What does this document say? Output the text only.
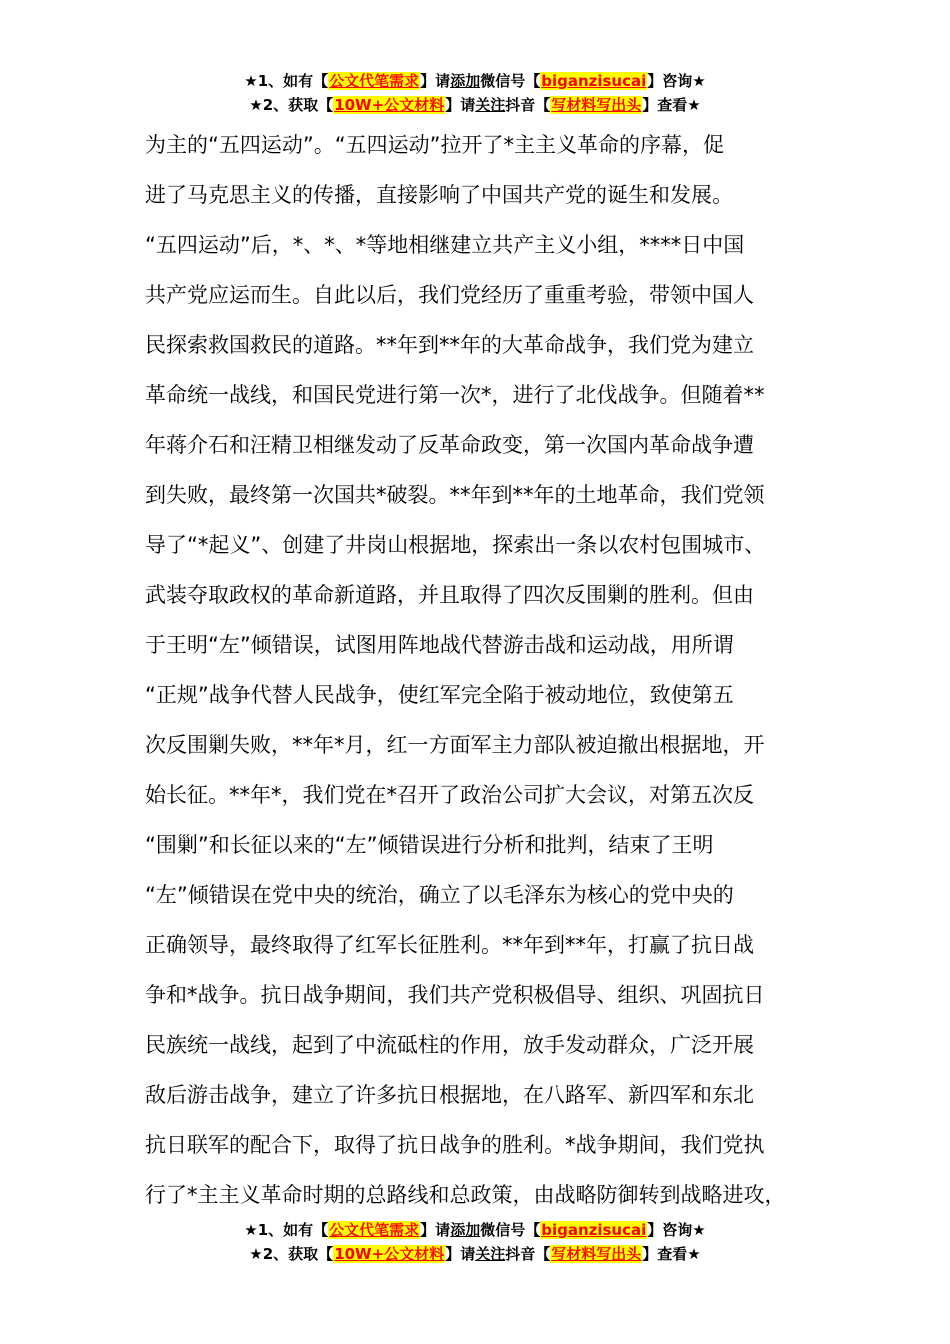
★1、如有【公文代笔需求】请添加微信号【biganzisucai】咨询★
★2、获取【10W+公文材料】请关注抖音【写材料写出头】查看★
为主的“五四运动”。“五四运动”拉开了*主主义革命的序幕，促
进了马克思主义的传播，直接影响了中国共产党的诞生和发展。
“五四运动”后，*、*、*等地相继建立共产主义小组，****日中国
共产党应运而生。自此以后，我们党经历了重重考验，带领中国人
民探索救国救民的道路。**年到**年的大革命战争，我们党为建立
革命统一战线，和国民党进行第一次*，进行了北伐战争。但随着**
年蒋介石和汪精卫相继发动了反革命政变，第一次国内革命战争遭
到失败，最终第一次国共*破裂。**年到**年的土地革命，我们党领
导了“*起义”、创建了井岗山根据地，探索出一条以农村包围城市、
武装夺取政权的革命新道路，并且取得了四次反围剿的胜利。但由
于王明“左”倾错误，试图用阵地战代替游击战和运动战，用所谓
“正规”战争代替人民战争，使红军完全陷于被动地位，致使第五
次反围剿失败，**年*月，红一方面军主力部队被迫撤出根据地，开
始长征。**年*，我们党在*召开了政治公司扩大会议，对第五次反
“围剿”和长征以来的“左”倾错误进行分析和批判，结束了王明
“左”倾错误在党中央的统治，确立了以毛泽东为核心的党中央的
正确领导，最终取得了红军长征胜利。**年到**年，打赢了抗日战
争和*战争。抗日战争期间，我们共产党积极倡导、组织、巩固抗日
民族统一战线，起到了中流砥柱的作用，放手发动群众，广泛开展
敌后游击战争，建立了许多抗日根据地，在八路军、新四军和东北
抗日联军的配合下，取得了抗日战争的胜利。*战争期间，我们党执
行了*主主义革命时期的总路线和总政策，由战略防御转到战略进攻，
★1、如有【公文代笔需求】请添加微信号【biganzisucai】咨询★
★2、获取【10W+公文材料】请关注抖音【写材料写出头】查看★
